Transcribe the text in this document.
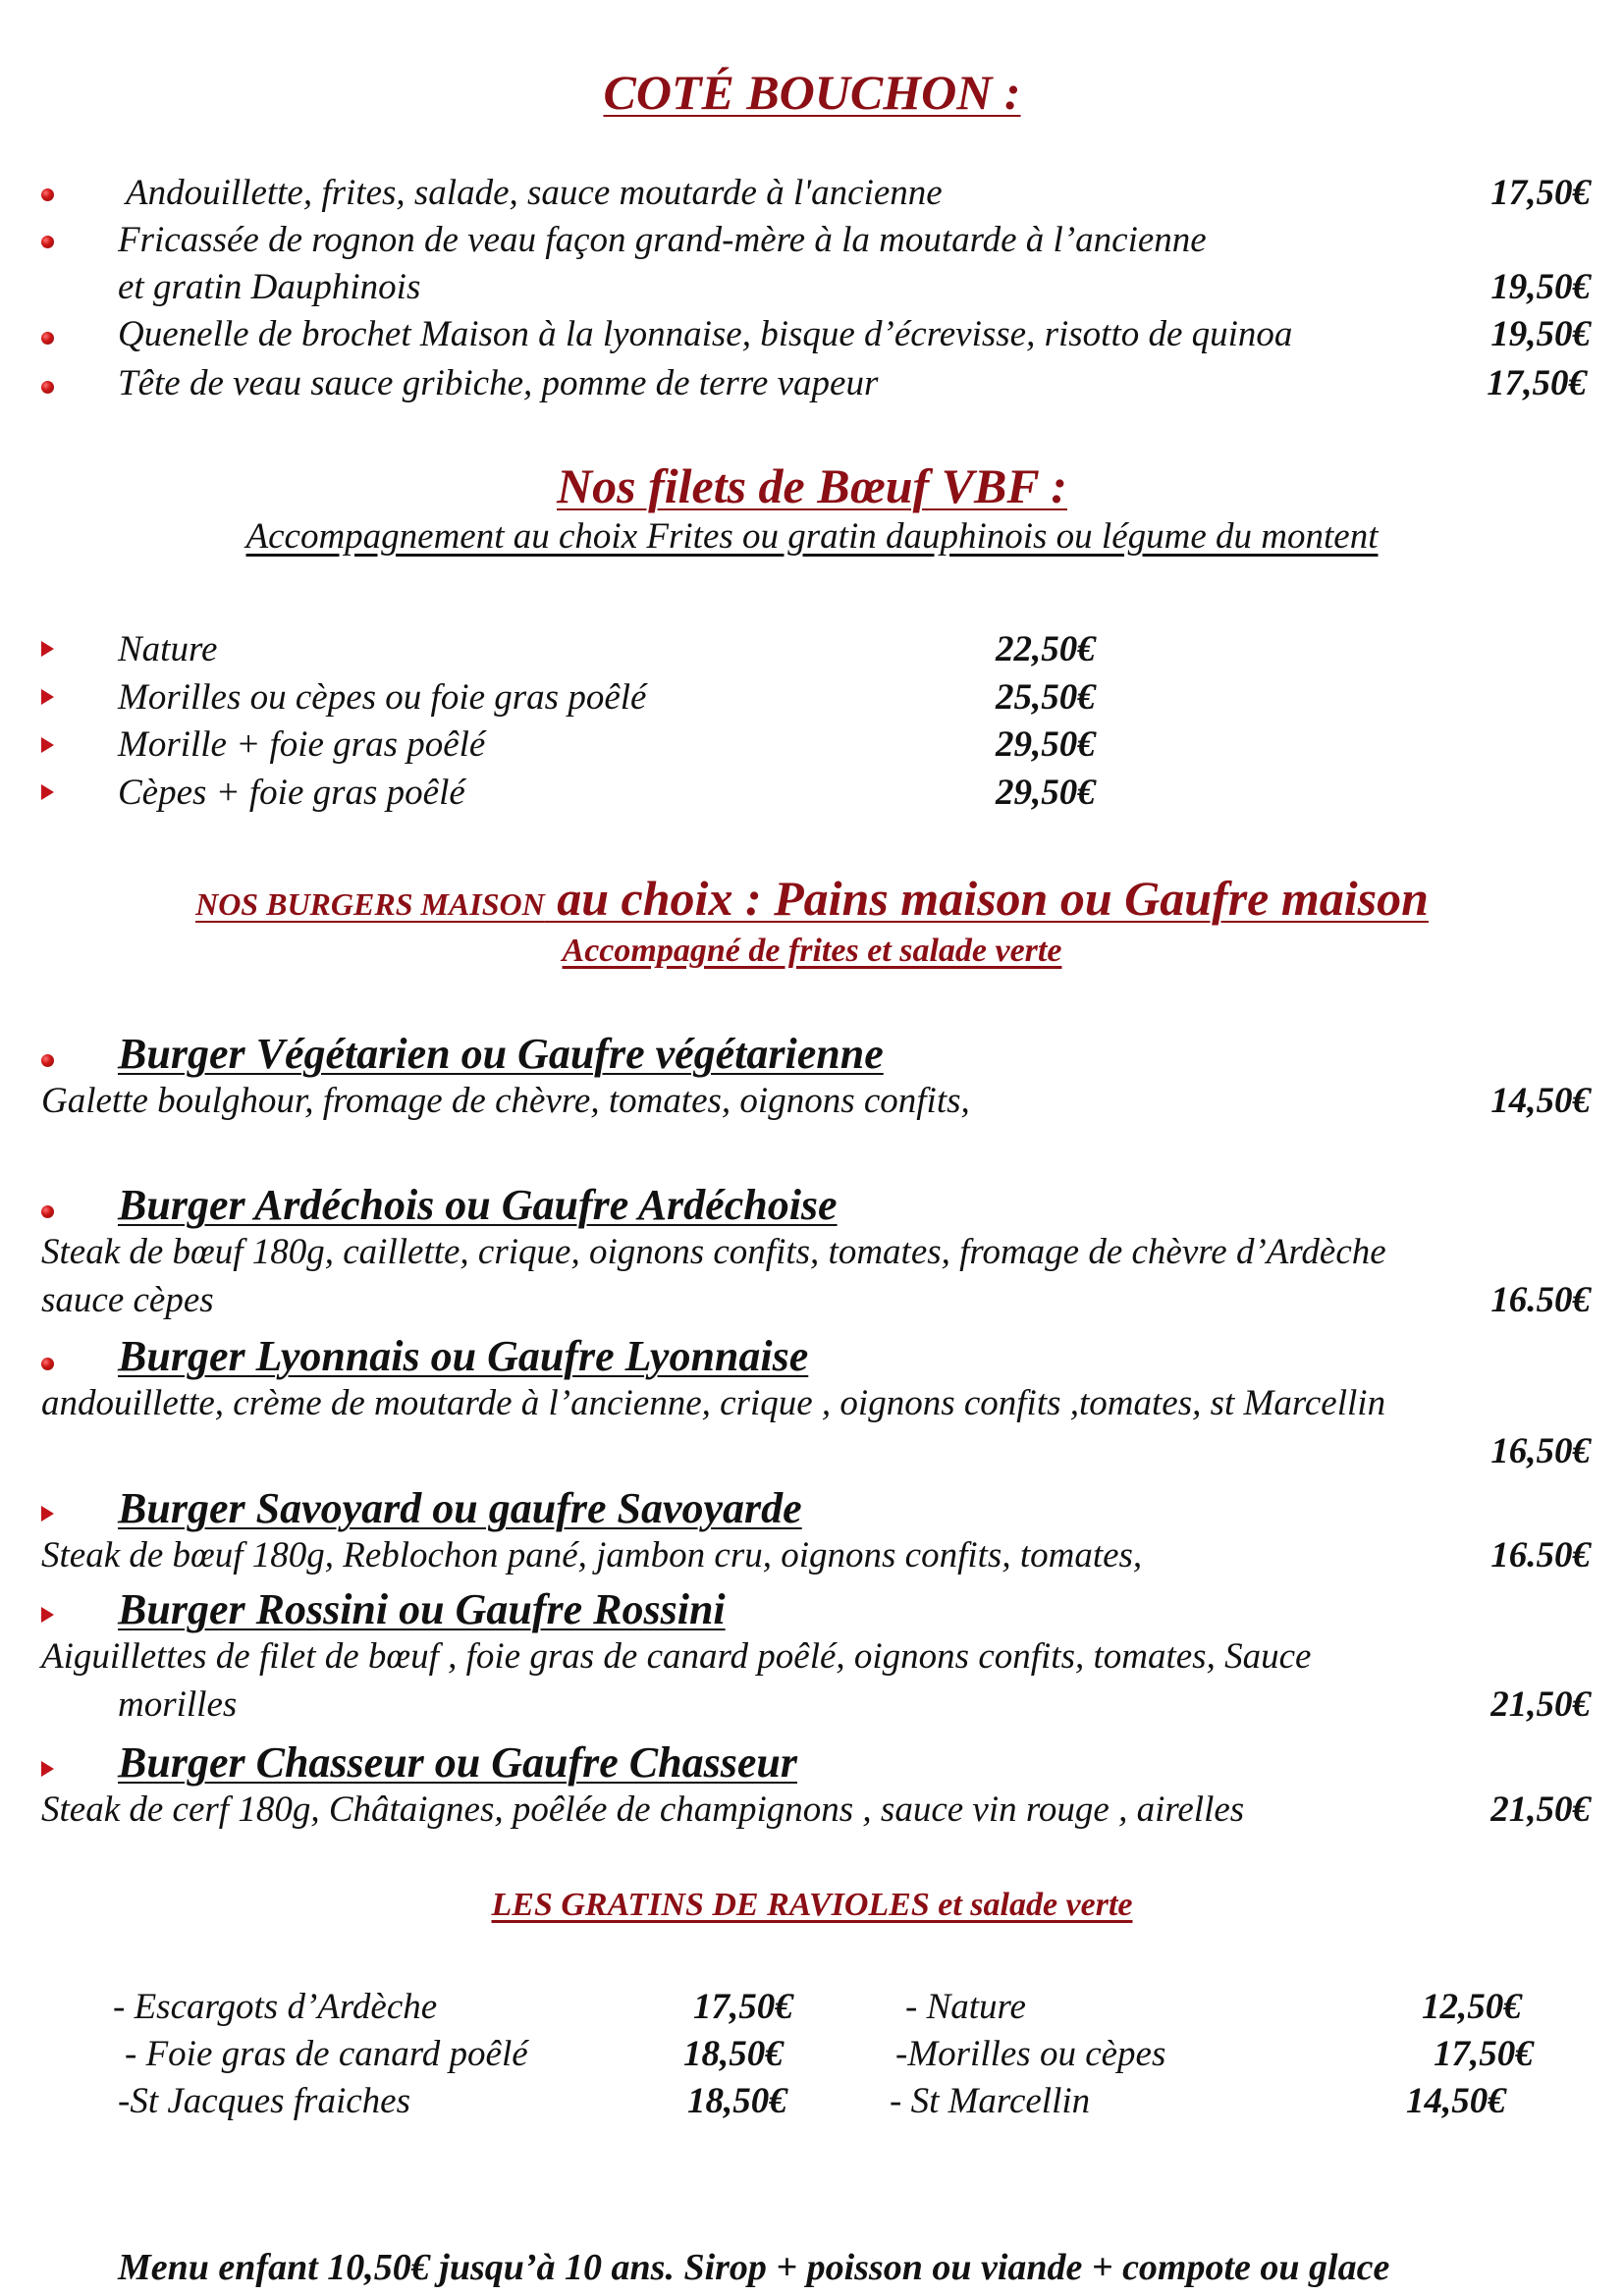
COTÉ BOUCHON :
Andouillette, frites, salade, sauce moutarde à l'ancienne	17,50€
Fricassée de rognon de veau façon grand-mère à la moutarde à l’ancienne
et gratin Dauphinois	19,50€
Quenelle de brochet Maison à la lyonnaise, bisque d’écrevisse, risotto de quinoa	19,50€
Tête de veau sauce gribiche, pomme de terre vapeur	17,50€
Nos filets de Bœuf VBF :
Accompagnement au choix Frites ou gratin dauphinois ou légume du montent
Nature	22,50€
Morilles ou cèpes ou foie gras poêlé	25,50€
Morille + foie gras poêlé	29,50€
Cèpes + foie gras poêlé	29,50€
NOS BURGERS MAISON au choix : Pains maison ou Gaufre maison
Accompagné de frites et salade verte
Burger Végétarien ou Gaufre végétarienne
Galette boulghour, fromage de chèvre, tomates, oignons confits,	14,50€
Burger Ardéchois ou Gaufre Ardéchoise
Steak de bœuf 180g, caillette, crique, oignons confits, tomates, fromage de chèvre d’Ardèche
sauce cèpes	16.50€
Burger Lyonnais ou Gaufre Lyonnaise
andouillette, crème de moutarde à l’ancienne, crique , oignons confits ,tomates, st Marcellin
16,50€
Burger Savoyard ou gaufre Savoyarde
Steak de bœuf 180g, Reblochon pané, jambon cru, oignons confits, tomates,	16.50€
Burger Rossini ou Gaufre Rossini
Aiguillettes de filet de bœuf , foie gras de canard poêlé, oignons confits, tomates, Sauce
morilles	21,50€
Burger Chasseur ou Gaufre Chasseur
Steak de cerf 180g, Châtaignes, poêlée de champignons , sauce vin rouge , airelles	21,50€
LES GRATINS DE RAVIOLES et salade verte
- Escargots d’Ardèche	17,50€
- Foie gras de canard poêlé	18,50€
-St Jacques fraiches	18,50€
- Nature	12,50€
-Morilles ou cèpes	17,50€
- St Marcellin	14,50€
Menu enfant 10,50€ jusqu’à 10 ans. Sirop + poisson ou viande + compote ou glace
